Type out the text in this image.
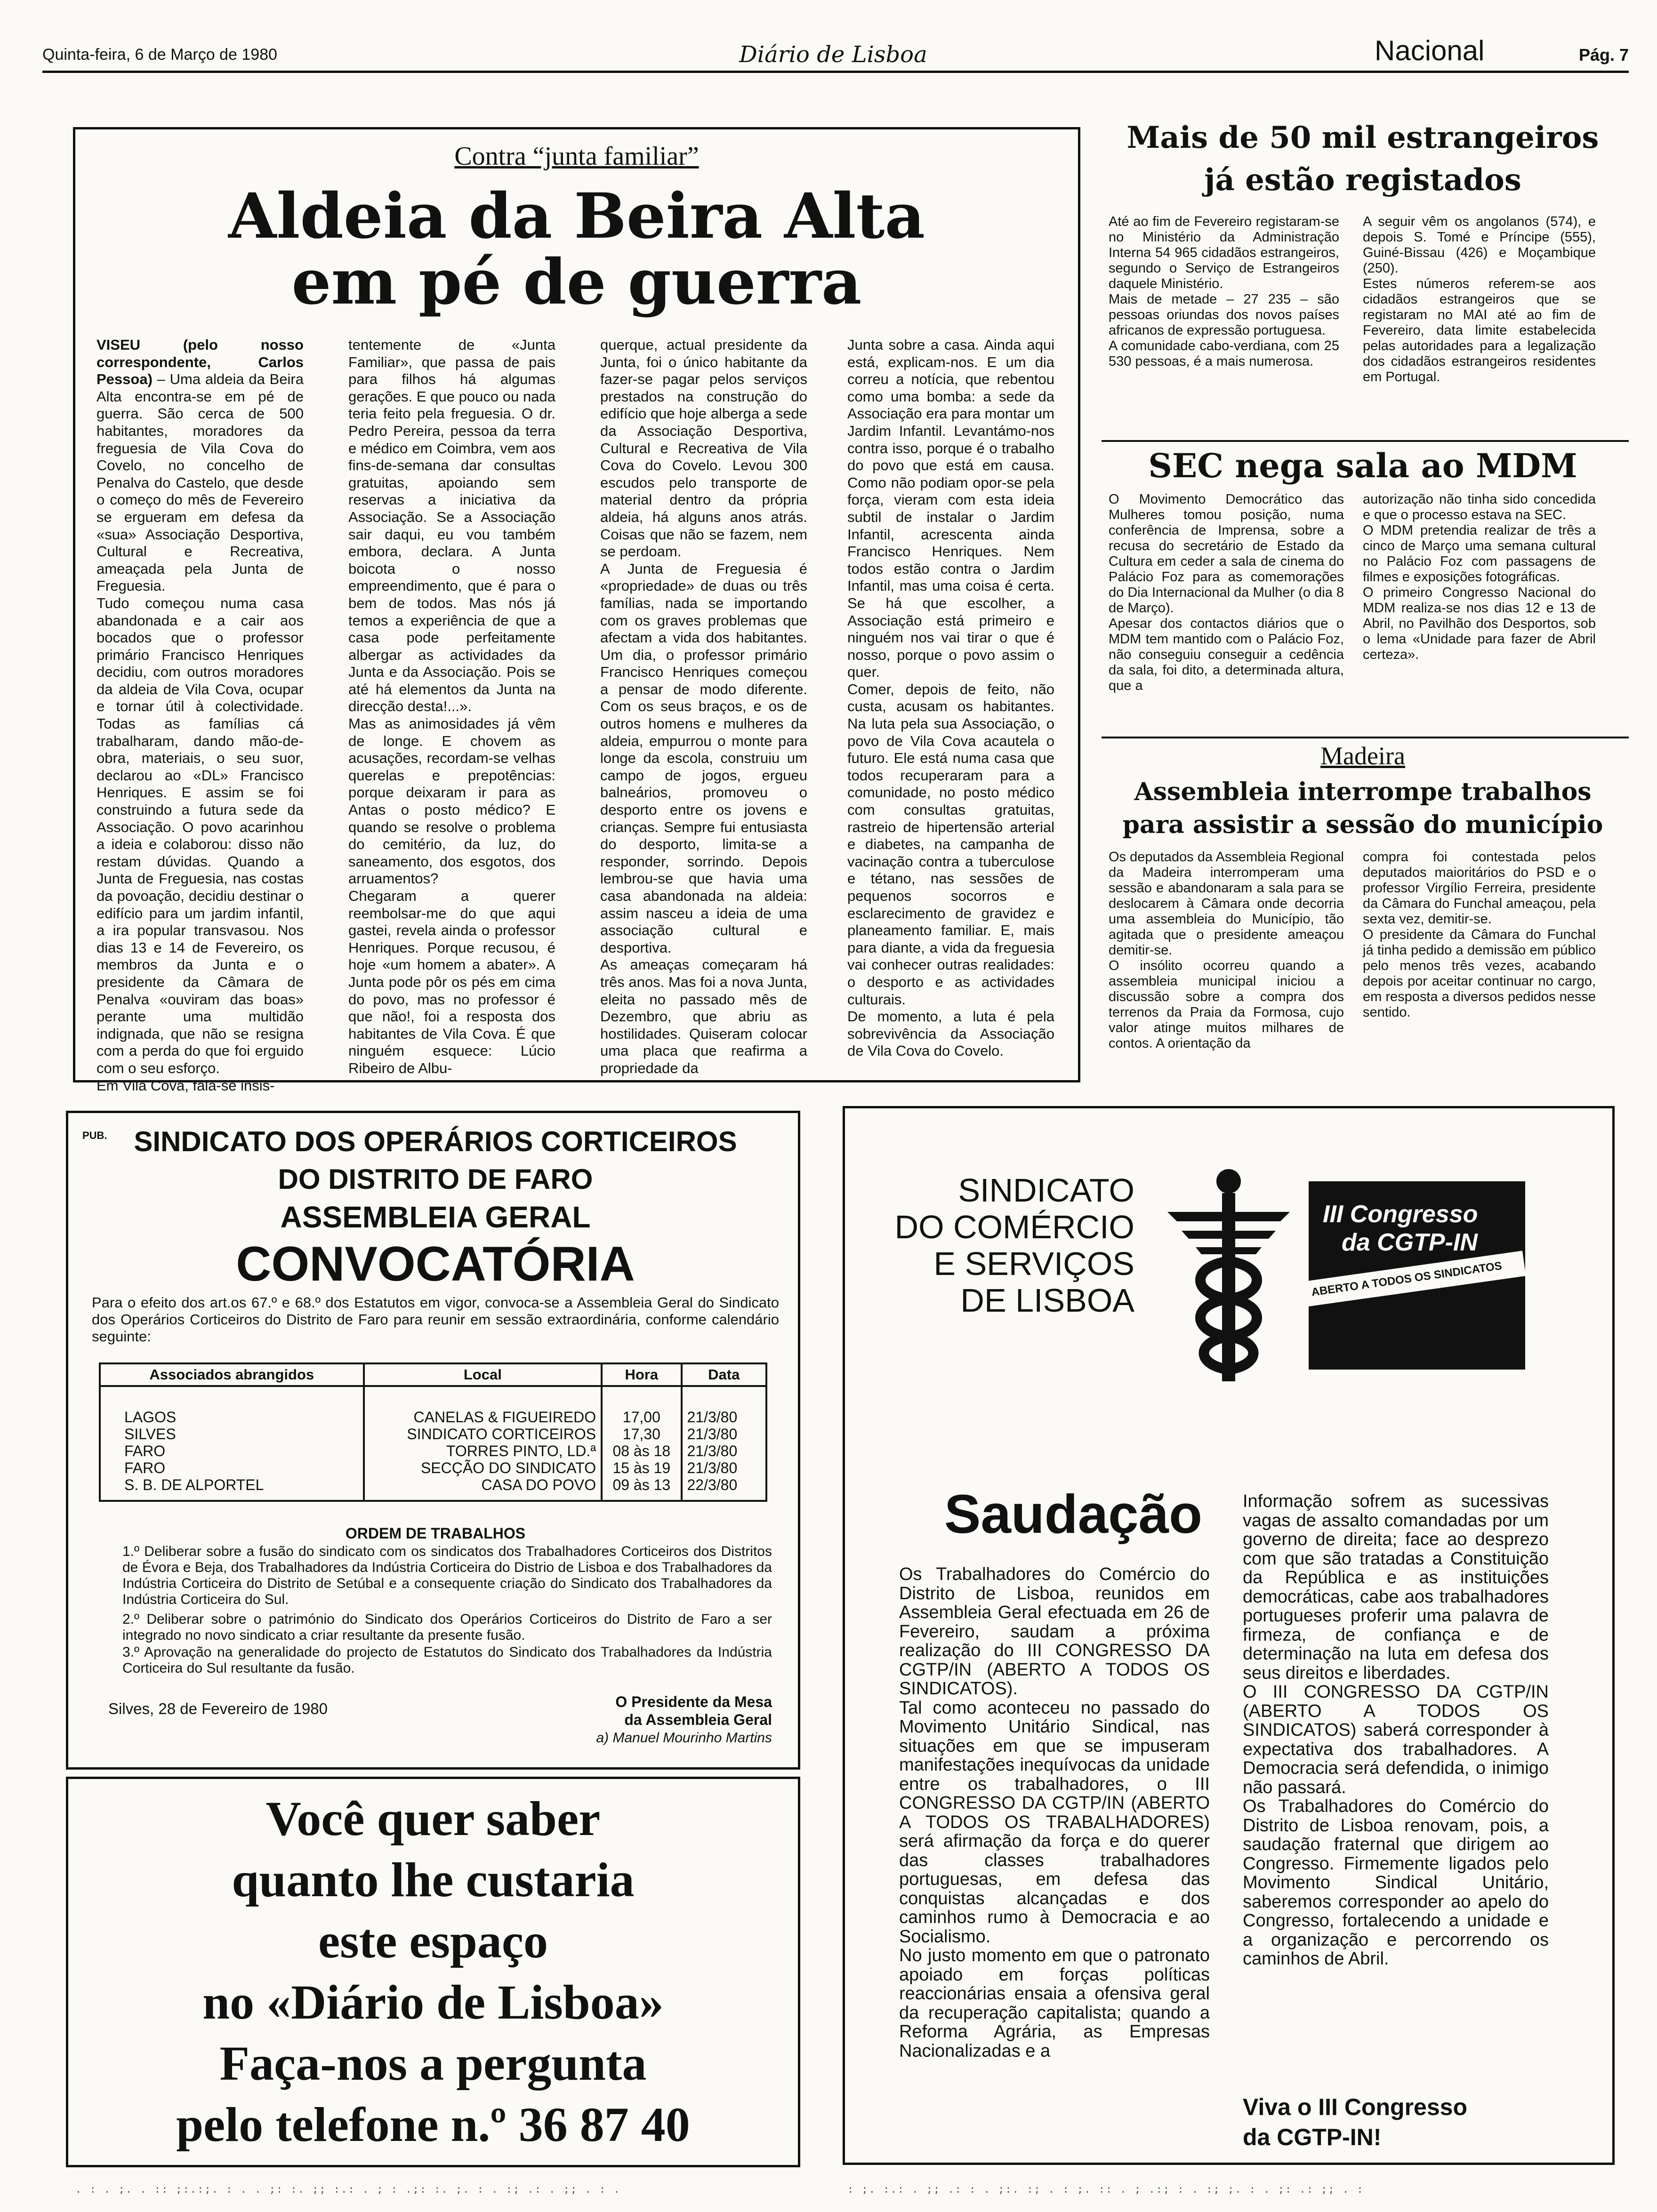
Quinta-feira, 6 de Março de 1980	Diário de Lisboa	Nacional	Pág. 7
Contra “junta familiar”
Aldeia da Beira Alta
em pé de guerra
VISEU (pelo nosso correspondente, Carlos Pessoa) – Uma aldeia da Beira Alta encontra-se em pé de guerra. São cerca de 500 habitantes, moradores da freguesia de Vila Cova do Covelo, no concelho de Penalva do Castelo, que desde o começo do mês de Fevereiro se ergueram em defesa da «sua» Associação Desportiva, Cultural e Recreativa, ameaçada pela Junta de Freguesia.
Tudo começou numa casa abandonada e a cair aos bocados que o professor primário Francisco Henriques decidiu, com outros moradores da aldeia de Vila Cova, ocupar e tornar útil à colectividade. Todas as famílias cá trabalharam, dando mão-de-obra, materiais, o seu suor, declarou ao «DL» Francisco Henriques. E assim se foi construindo a futura sede da Associação. O povo acarinhou a ideia e colaborou: disso não restam dúvidas. Quando a Junta de Freguesia, nas costas da povoação, decidiu destinar o edifício para um jardim infantil, a ira popular transvasou. Nos dias 13 e 14 de Fevereiro, os membros da Junta e o presidente da Câmara de Penalva «ouviram das boas» perante uma multidão indignada, que não se resigna com a perda do que foi erguido com o seu esforço.
Em Vila Cova, fala-se insis-
tentemente de «Junta Familiar», que passa de pais para filhos há algumas gerações. E que pouco ou nada teria feito pela freguesia. O dr. Pedro Pereira, pessoa da terra e médico em Coimbra, vem aos fins-de-semana dar consultas gratuitas, apoiando sem reservas a iniciativa da Associação. Se a Associação sair daqui, eu vou também embora, declara. A Junta boicota o nosso empreendimento, que é para o bem de todos. Mas nós já temos a experiência de que a casa pode perfeitamente albergar as actividades da Junta e da Associação. Pois se até há elementos da Junta na direcção desta!...».
Mas as animosidades já vêm de longe. E chovem as acusações, recordam-se velhas querelas e prepotências: porque deixaram ir para as Antas o posto médico? E quando se resolve o problema do cemitério, da luz, do saneamento, dos esgotos, dos arruamentos?
Chegaram a querer reembolsar-me do que aqui gastei, revela ainda o professor Henriques. Porque recusou, é hoje «um homem a abater». A Junta pode pôr os pés em cima do povo, mas no professor é que não!, foi a resposta dos habitantes de Vila Cova. É que ninguém esquece: Lúcio Ribeiro de Albu-
querque, actual presidente da Junta, foi o único habitante da fazer-se pagar pelos serviços prestados na construção do edifício que hoje alberga a sede da Associação Desportiva, Cultural e Recreativa de Vila Cova do Covelo. Levou 300 escudos pelo transporte de material dentro da própria aldeia, há alguns anos atrás. Coisas que não se fazem, nem se perdoam.
A Junta de Freguesia é «propriedade» de duas ou três famílias, nada se importando com os graves problemas que afectam a vida dos habitantes. Um dia, o professor primário Francisco Henriques começou a pensar de modo diferente. Com os seus braços, e os de outros homens e mulheres da aldeia, empurrou o monte para longe da escola, construiu um campo de jogos, ergueu balneários, promoveu o desporto entre os jovens e crianças. Sempre fui entusiasta do desporto, limita-se a responder, sorrindo. Depois lembrou-se que havia uma casa abandonada na aldeia: assim nasceu a ideia de uma associação cultural e desportiva.
As ameaças começaram há três anos. Mas foi a nova Junta, eleita no passado mês de Dezembro, que abriu as hostilidades. Quiseram colocar uma placa que reafirma a propriedade da
Junta sobre a casa. Ainda aqui está, explicam-nos. E um dia correu a notícia, que rebentou como uma bomba: a sede da Associação era para montar um Jardim Infantil. Levantámo-nos contra isso, porque é o trabalho do povo que está em causa. Como não podiam opor-se pela força, vieram com esta ideia subtil de instalar o Jardim Infantil, acrescenta ainda Francisco Henriques. Nem todos estão contra o Jardim Infantil, mas uma coisa é certa. Se há que escolher, a Associação está primeiro e ninguém nos vai tirar o que é nosso, porque o povo assim o quer.
Comer, depois de feito, não custa, acusam os habitantes. Na luta pela sua Associação, o povo de Vila Cova acautela o futuro. Ele está numa casa que todos recuperaram para a comunidade, no posto médico com consultas gratuitas, rastreio de hipertensão arterial e diabetes, na campanha de vacinação contra a tuberculose e tétano, nas sessões de pequenos socorros e esclarecimento de gravidez e planeamento familiar. E, mais para diante, a vida da freguesia vai conhecer outras realidades: o desporto e as actividades culturais.
De momento, a luta é pela sobrevivência da Associação de Vila Cova do Covelo.
Mais de 50 mil estrangeiros
já estão registados
Até ao fim de Fevereiro registaram-se no Ministério da Administração Interna 54 965 cidadãos estrangeiros, segundo o Serviço de Estrangeiros daquele Ministério.
Mais de metade – 27 235 – são pessoas oriundas dos novos países africanos de expressão portuguesa.
A comunidade cabo-verdiana, com 25 530 pessoas, é a mais numerosa.
A seguir vêm os angolanos (574), e depois S. Tomé e Príncipe (555), Guiné-Bissau (426) e Moçambique (250).
Estes números referem-se aos cidadãos estrangeiros que se registaram no MAI até ao fim de Fevereiro, data limite estabelecida pelas autoridades para a legalização dos cidadãos estrangeiros residentes em Portugal.
SEC nega sala ao MDM
O Movimento Democrático das Mulheres tomou posição, numa conferência de Imprensa, sobre a recusa do secretário de Estado da Cultura em ceder a sala de cinema do Palácio Foz para as comemorações do Dia Internacional da Mulher (o dia 8 de Março).
Apesar dos contactos diários que o MDM tem mantido com o Palácio Foz, não conseguiu conseguir a cedência da sala, foi dito, a determinada altura, que a
autorização não tinha sido concedida e que o processo estava na SEC.
O MDM pretendia realizar de três a cinco de Março uma semana cultural no Palácio Foz com passagens de filmes e exposições fotográficas.
O primeiro Congresso Nacional do MDM realiza-se nos dias 12 e 13 de Abril, no Pavilhão dos Desportos, sob o lema «Unidade para fazer de Abril certeza».
Madeira
Assembleia interrompe trabalhos
para assistir a sessão do município
Os deputados da Assembleia Regional da Madeira interromperam uma sessão e abandonaram a sala para se deslocarem à Câmara onde decorria uma assembleia do Município, tão agitada que o presidente ameaçou demitir-se.
O insólito ocorreu quando a assembleia municipal iniciou a discussão sobre a compra dos terrenos da Praia da Formosa, cujo valor atinge muitos milhares de contos. A orientação da
compra foi contestada pelos deputados maioritários do PSD e o professor Virgílio Ferreira, presidente da Câmara do Funchal ameaçou, pela sexta vez, demitir-se.
O presidente da Câmara do Funchal já tinha pedido a demissão em público pelo menos três vezes, acabando depois por aceitar continuar no cargo, em resposta a diversos pedidos nesse sentido.
PUB. SINDICATO DOS OPERÁRIOS CORTICEIROS
DO DISTRITO DE FARO
ASSEMBLEIA GERAL
CONVOCATÓRIA
Para o efeito dos art.os 67.º e 68.º dos Estatutos em vigor, convoca-se a Assembleia Geral do Sindicato dos Operários Corticeiros do Distrito de Faro para reunir em sessão extraordinária, conforme calendário seguinte:
Associados abrangidos	Local	Hora	Data
LAGOS	CANELAS & FIGUEIREDO	17,00	21/3/80
SILVES	SINDICATO CORTICEIROS	17,30	21/3/80
FARO	TORRES PINTO, LD.ª	08 às 18	21/3/80
FARO	SECÇÃO DO SINDICATO	15 às 19	21/3/80
S. B. DE ALPORTEL	CASA DO POVO	09 às 13	22/3/80
ORDEM DE TRABALHOS
1.º Deliberar sobre a fusão do sindicato com os sindicatos dos Trabalhadores Corticeiros dos Distritos de Évora e Beja, dos Trabalhadores da Indústria Corticeira do Distrio de Lisboa e dos Trabalhadores da Indústria Corticeira do Distrito de Setúbal e a consequente criação do Sindicato dos Trabalhadores da Indústria Corticeira do Sul.
2.º Deliberar sobre o património do Sindicato dos Operários Corticeiros do Distrito de Faro a ser integrado no novo sindicato a criar resultante da presente fusão.
3.º Aprovação na generalidade do projecto de Estatutos do Sindicato dos Trabalhadores da Indústria Corticeira do Sul resultante da fusão.
Silves, 28 de Fevereiro de 1980	O Presidente da Mesa
da Assembleia Geral
a) Manuel Mourinho Martins
Você quer saber
quanto lhe custaria
este espaço
no «Diário de Lisboa»
Faça-nos a pergunta
pelo telefone n.º 36 87 40
SINDICATO
DO COMÉRCIO
E SERVIÇOS
DE LISBOA
III Congresso
da CGTP-IN
ABERTO A TODOS OS SINDICATOS
Saudação
Os Trabalhadores do Comércio do Distrito de Lisboa, reunidos em Assembleia Geral efectuada em 26 de Fevereiro, saudam a próxima realização do III CONGRESSO DA CGTP/IN (ABERTO A TODOS OS SINDICATOS).
Tal como aconteceu no passado do Movimento Unitário Sindical, nas situações em que se impuseram manifestações inequívocas da unidade entre os trabalhadores, o III CONGRESSO DA CGTP/IN (ABERTO A TODOS OS TRABALHADORES) será afirmação da força e do querer das classes trabalhadores portuguesas, em defesa das conquistas alcançadas e dos caminhos rumo à Democracia e ao Socialismo.
No justo momento em que o patronato apoiado em forças políticas reaccionárias ensaia a ofensiva geral da recuperação capitalista; quando a Reforma Agrária, as Empresas Nacionalizadas e a
Informação sofrem as sucessivas vagas de assalto comandadas por um governo de direita; face ao desprezo com que são tratadas a Constituição da República e as instituições democráticas, cabe aos trabalhadores portugueses proferir uma palavra de firmeza, de confiança e de determinação na luta em defesa dos seus direitos e liberdades.
O III CONGRESSO DA CGTP/IN (ABERTO A TODOS OS SINDICATOS) saberá corresponder à expectativa dos trabalhadores. A Democracia será defendida, o inimigo não passará.
Os Trabalhadores do Comércio do Distrito de Lisboa renovam, pois, a saudação fraternal que dirigem ao Congresso. Firmemente ligados pelo Movimento Sindical Unitário, saberemos corresponder ao apelo do Congresso, fortalecendo a unidade e a organização e percorrendo os caminhos de Abril.
Viva o III Congresso
da CGTP-IN!
. : . ;. . :: ;:.:;. : . . ;: :. ;; :.: . ; : .;: :. ;. : . :; .: . ;; . : .	: ;. :.: . ;; .: : . ;:. :; . : ;. :: . ; .:; : . :; ;. : . ;: .: ;; . :
